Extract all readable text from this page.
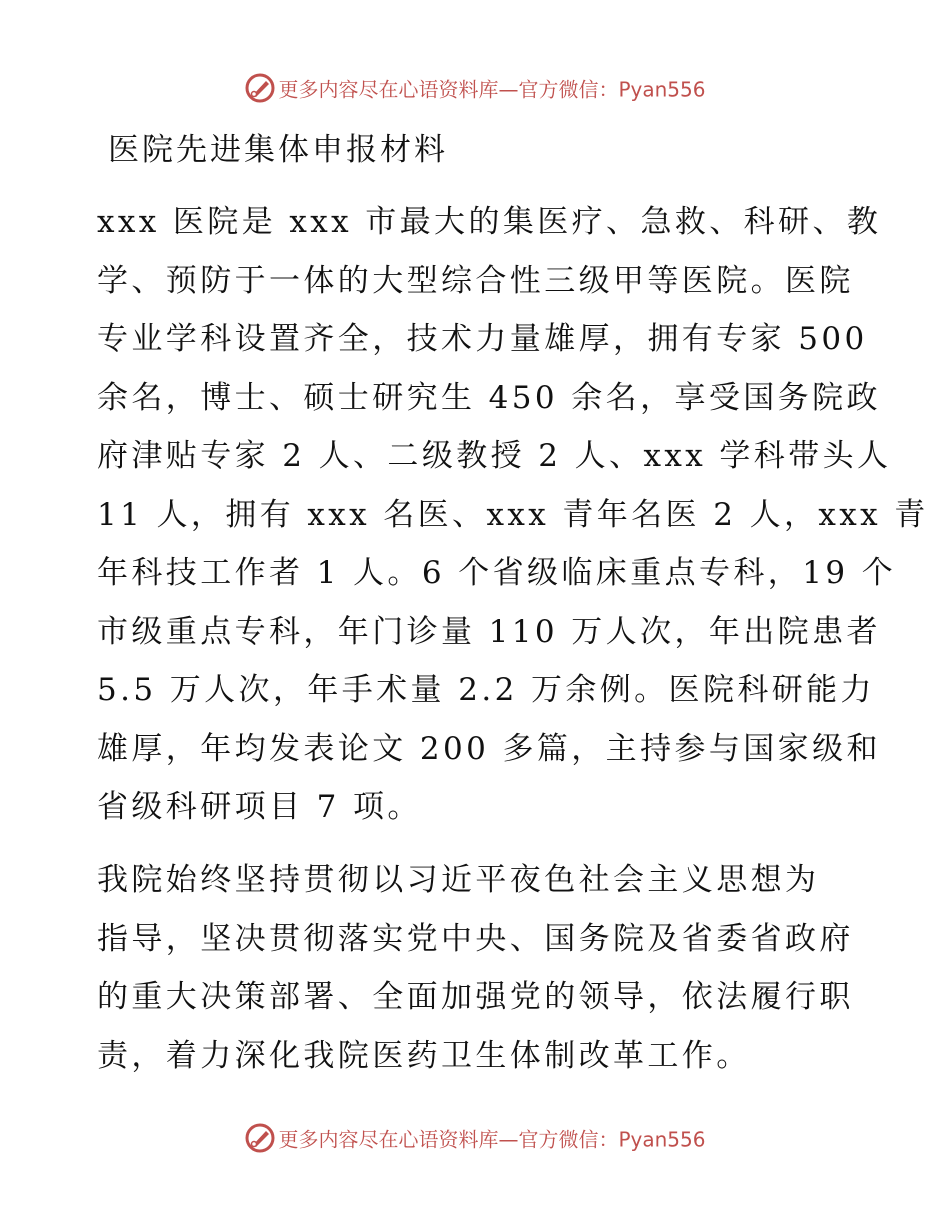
更多内容尽在心语资料库—官方微信：Pyan556
医院先进集体申报材料
xxx 医院是 xxx 市最大的集医疗、急救、科研、教
学、预防于一体的大型综合性三级甲等医院。医院
专业学科设置齐全，技术力量雄厚，拥有专家 500
余名，博士、硕士研究生 450 余名，享受国务院政
府津贴专家 2 人、二级教授 2 人、xxx 学科带头人
11 人，拥有 xxx 名医、xxx 青年名医 2 人，xxx 青
年科技工作者 1 人。6 个省级临床重点专科，19 个
市级重点专科，年门诊量 110 万人次，年出院患者
5.5 万人次，年手术量 2.2 万余例。医院科研能力
雄厚，年均发表论文 200 多篇，主持参与国家级和
省级科研项目 7 项。
我院始终坚持贯彻以习近平夜色社会主义思想为
指导，坚决贯彻落实党中央、国务院及省委省政府
的重大决策部署、全面加强党的领导，依法履行职
责，着力深化我院医药卫生体制改革工作。
更多内容尽在心语资料库—官方微信：Pyan556
